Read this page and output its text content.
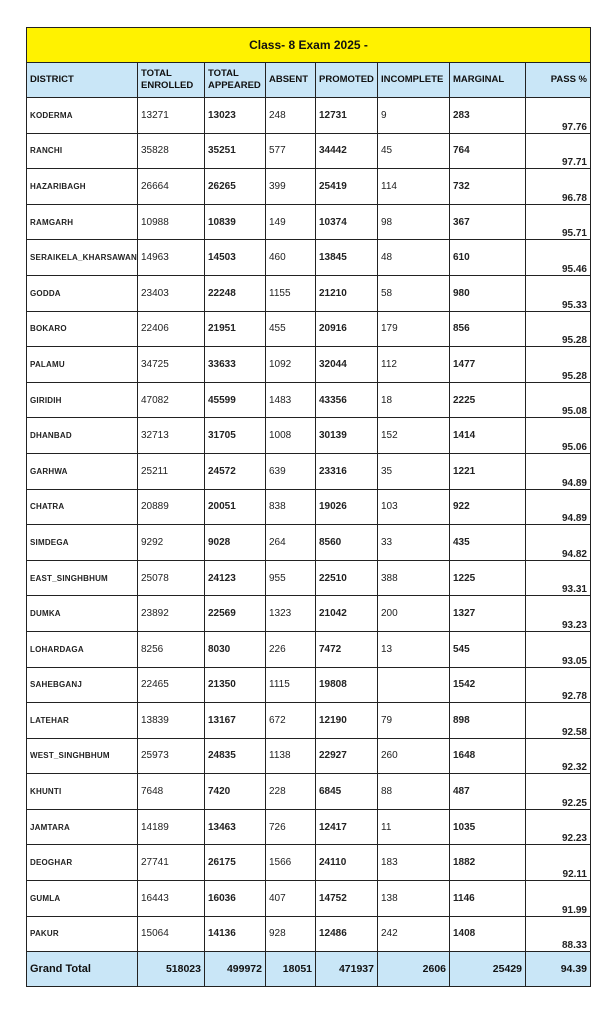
Class- 8 Exam 2025 -							
DISTRICT	TOTAL ENROLLED	TOTAL APPEARED	ABSENT	PROMOTED	INCOMPLETE	MARGINAL	PASS %
KODERMA	13271	13023	248	12731	9	283	97.76
RANCHI	35828	35251	577	34442	45	764	97.71
HAZARIBAGH	26664	26265	399	25419	114	732	96.78
RAMGARH	10988	10839	149	10374	98	367	95.71
SERAIKELA_KHARSAWAN	14963	14503	460	13845	48	610	95.46
GODDA	23403	22248	1155	21210	58	980	95.33
BOKARO	22406	21951	455	20916	179	856	95.28
PALAMU	34725	33633	1092	32044	112	1477	95.28
GIRIDIH	47082	45599	1483	43356	18	2225	95.08
DHANBAD	32713	31705	1008	30139	152	1414	95.06
GARHWA	25211	24572	639	23316	35	1221	94.89
CHATRA	20889	20051	838	19026	103	922	94.89
SIMDEGA	9292	9028	264	8560	33	435	94.82
EAST_SINGHBHUM	25078	24123	955	22510	388	1225	93.31
DUMKA	23892	22569	1323	21042	200	1327	93.23
LOHARDAGA	8256	8030	226	7472	13	545	93.05
SAHEBGANJ	22465	21350	1115	19808		1542	92.78
LATEHAR	13839	13167	672	12190	79	898	92.58
WEST_SINGHBHUM	25973	24835	1138	22927	260	1648	92.32
KHUNTI	7648	7420	228	6845	88	487	92.25
JAMTARA	14189	13463	726	12417	11	1035	92.23
DEOGHAR	27741	26175	1566	24110	183	1882	92.11
GUMLA	16443	16036	407	14752	138	1146	91.99
PAKUR	15064	14136	928	12486	242	1408	88.33
Grand Total	518023	499972	18051	471937	2606	25429	94.39
